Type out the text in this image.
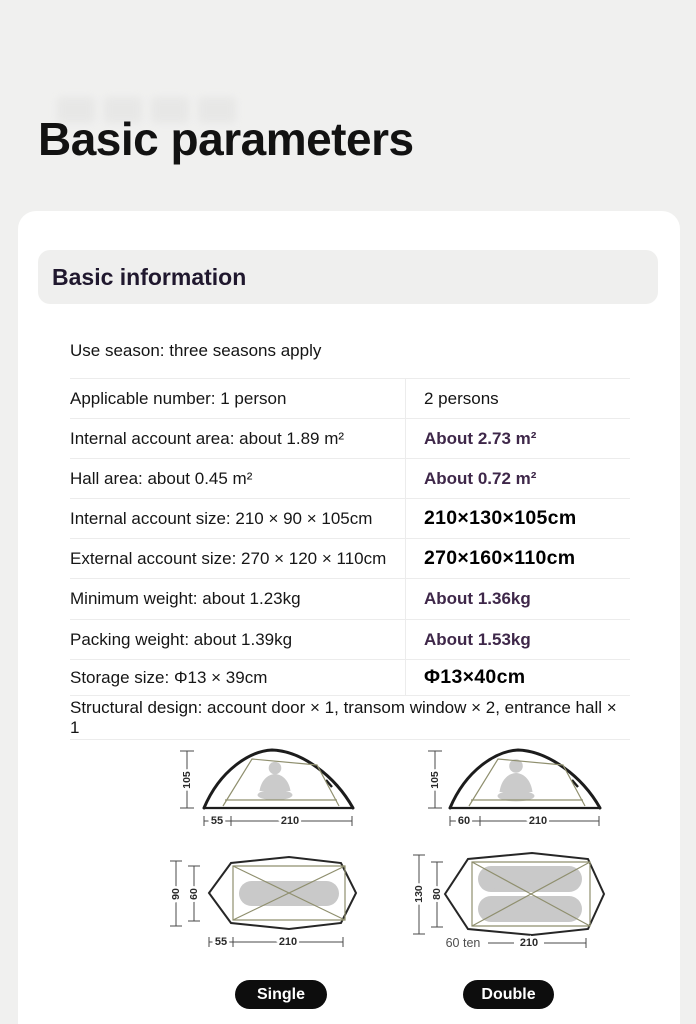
Basic parameters
Basic information
Use season: three seasons apply
Applicable number: 1 person	2 persons
Internal account area: about 1.89 m²	About 2.73 m²
Hall area: about 0.45 m²	About 0.72 m²
Internal account size: 210 × 90 × 105cm	210×130×105cm
External account size: 270 × 120 × 110cm	270×160×110cm
Minimum weight: about 1.23kg	About 1.36kg
Packing weight: about 1.39kg	About 1.53kg
Storage size: Φ13 × 39cm	Φ13×40cm
Structural design: account door × 1, transom window × 2, entrance hall × 1
105
55	210
105
60	210
90 60
55	210
130 80
60 ten	210
Single	Double
